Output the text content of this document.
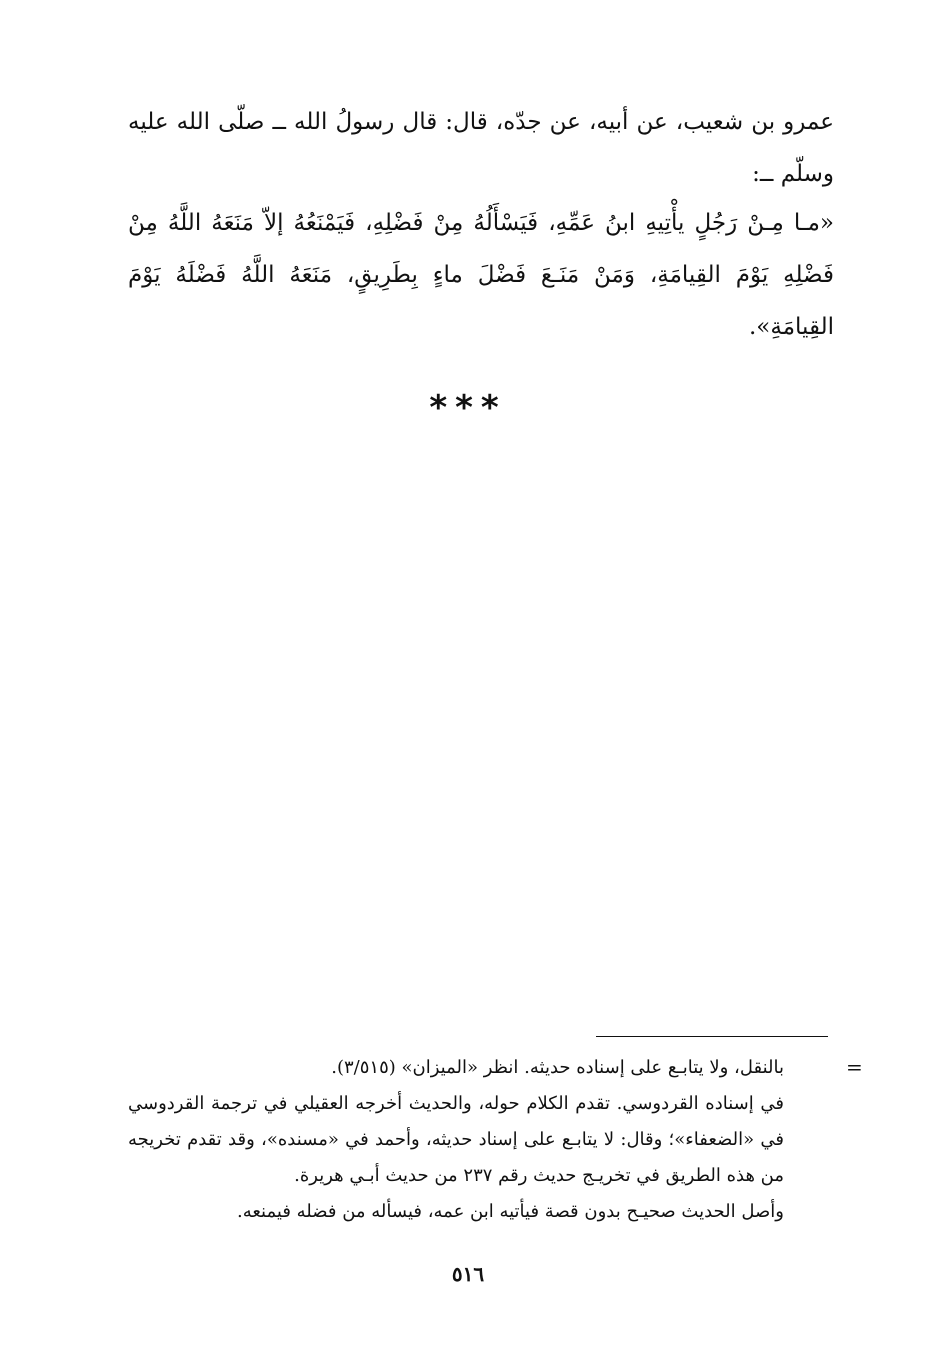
عمرو بن شعيب، عن أبيه، عن جدّه، قال: قال رسولُ الله ــ صلّى الله عليه وسلّم ــ:

«مـا مِـنْ رَجُلٍ يأْتِيهِ ابنُ عَمِّهِ، فَيَسْأَلُهُ مِنْ فَضْلِهِ، فَيَمْنَعُهُ إلاّ مَنَعَهُ اللَّهُ مِنْ فَضْلِهِ يَوْمَ القِيامَةِ، وَمَنْ مَنَـعَ فَضْلَ ماءٍ بِطَرِيقٍ، مَنَعَهُ اللَّهُ فَضْلَهُ يَوْمَ القِيامَةِ».

***
=

بالنقل، ولا يتابـع على إسناده حديثه. انظر «الميزان» (٣/٥١٥).

في إسناده القردوسي. تقدم الكلام حوله، والحديث أخرجه العقيلي في ترجمة القردوسي في «الضعفاء»؛ وقال: لا يتابـع على إسناد حديثه، وأحمد في «مسنده»، وقد تقدم تخريجه من هذه الطريق في تخريـج حديث رقم ٢٣٧ من حديث أبـي هريرة.

وأصل الحديث صحيـح بدون قصة فيأتيه ابن عمه، فيسأله من فضله فيمنعه.

٥١٦
